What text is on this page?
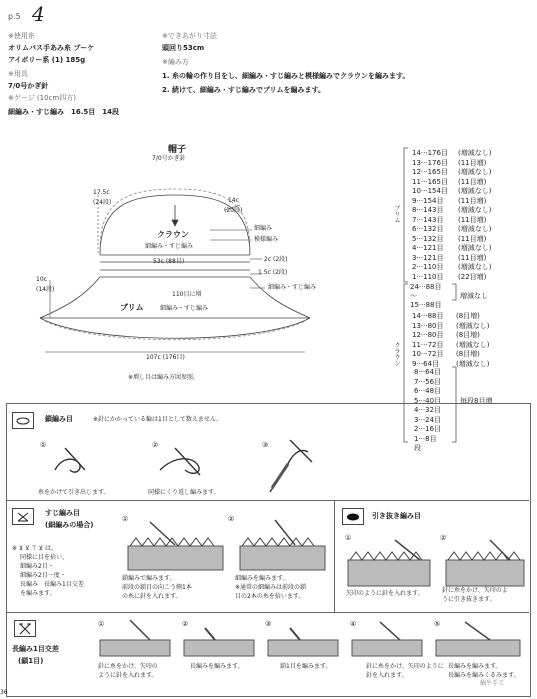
p.5 4
※使用糸
オリムパス手あみ糸 プーケ
アイボリー系 (1) 185g
※用具
7/0号かぎ針
※ゲージ (10cm四方)
細編み・すじ編み　16.5目　14段
※できあがり寸法
頭回り53cm
※編み方
1. 糸の輪の作り目をし、細編み・すじ編みと模様編みでクラウンを編みます。
2. 続けて、細編み・すじ編みでブリムを編みます。
帽子
7/0号かぎ針
17.5c
(24段)	14c
(20段)
クラウン
細編み・すじ編み
細編み
模様編み
53c (88目)	2c (2段)
1.5c (2段)
細編み・すじ編み
110目に増
10c
(14段)
ブリム	細編み・すじ編み
107c (176目)
※増し目は編み方図参照。
ブリム
クラウン
14···176目 (増減なし)
13···176目 (11目増)
12···165目 (増減なし)
11···165目 (11目増)
10···154目 (増減なし)
9···154目 (11目増)
8···143目 (増減なし)
7···143目 (11目増)
6···132目 (増減なし)
5···132目 (11目増)
4···121目 (増減なし)
3···121目 (11目増)
2···110目 (増減なし)
1···110目 (22目増)
24···88目
〜
15···88目
増減なし
14···88目 (8目増)
13···80目 (増減なし)
12···80目 (8目増)
11···72目 (増減なし)
10···72目 (8目増)
9···64目 (増減なし)
8···64目
7···56目
6···48目
5···40目
4···32目
3···24目
2···16目
1···8目
毎段8目増
段
鎖編み目	※針にかかっている輪は1目として数えません。
①	②	③
糸をかけて引き出します。	同様にくり返し編みます。
すじ編み目
(細編みの場合)
※ ⊻ ⊻ ⊤ ⊻ は、
同様に目を拾い、
細編み2目・
細編み2目一度・
長編み　長編み1目交差
を編みます。
①	②
鎖編みで編みます。
前段の鎖目の向こう側1本
の糸に針を入れます。
細編みを編みます。
※通常の細編みは前段の鎖
目の2本の糸を拾います。
引き抜き編み目
①	②
矢印のように針を入れます。	針に糸をかけ、矢印のよ
うに引き抜きます。
長編み1目交差
(鎖1目)
①	②	③	④	⑤
針に糸をかけ、矢印の
ように針を入れます。
長編みを編みます。	鎖1目を編みます。	針に糸をかけ、矢印のように
針を入れます。
長編みを編みます。
長編みを編みくるみます。
36
蜗牛手工
